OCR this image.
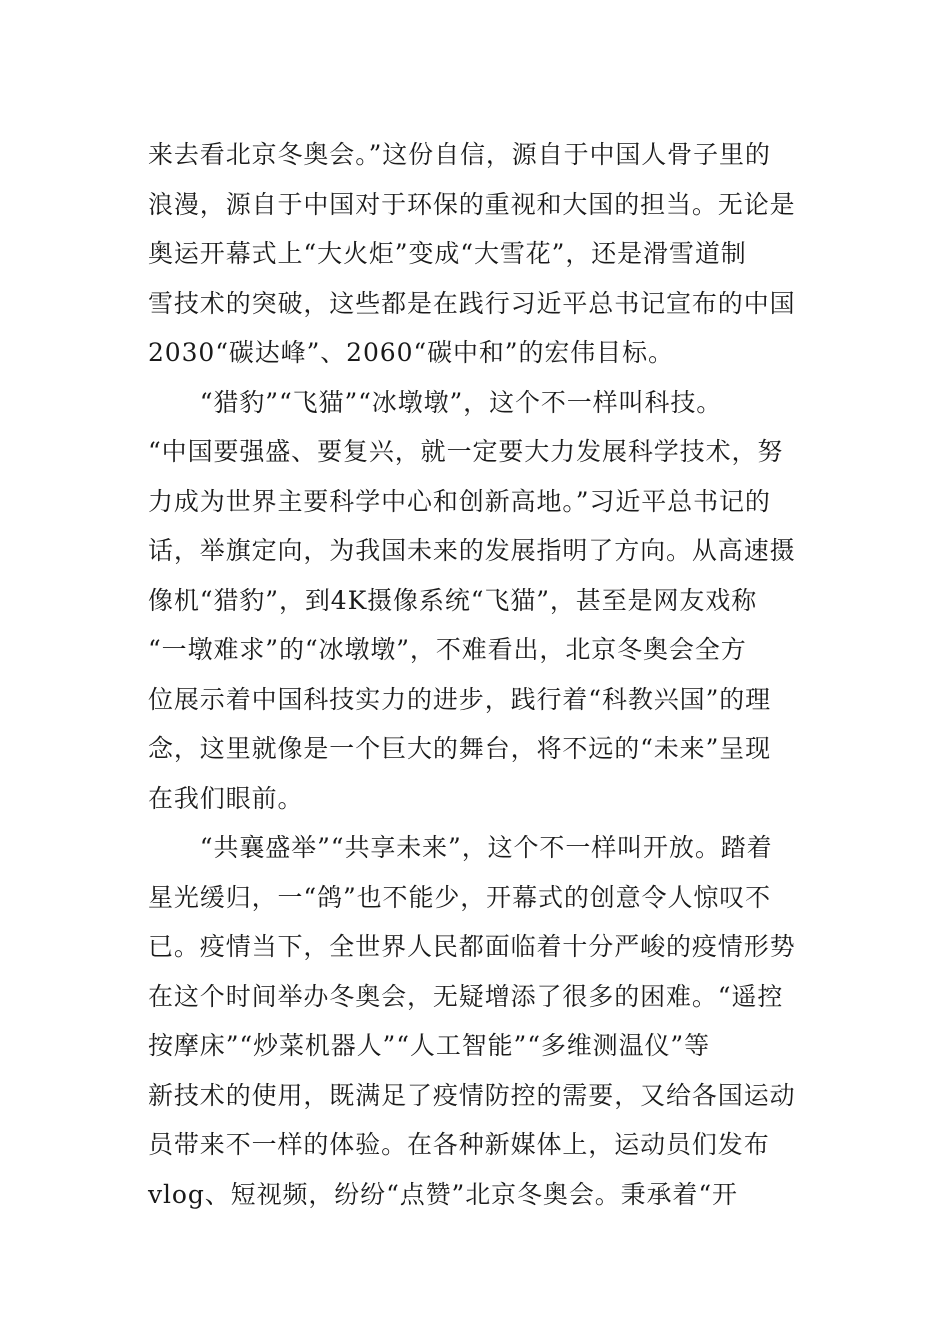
来去看北京冬奥会。”这份自信，源自于中国人骨子里的
浪漫，源自于中国对于环保的重视和大国的担当。无论是
奥运开幕式上“大火炬”变成“大雪花”，还是滑雪道制
雪技术的突破，这些都是在践行习近平总书记宣布的中国
2030“碳达峰”、2060“碳中和”的宏伟目标。
　　“猎豹”“飞猫”“冰墩墩”，这个不一样叫科技。
“中国要强盛、要复兴，就一定要大力发展科学技术，努
力成为世界主要科学中心和创新高地。”习近平总书记的
话，举旗定向，为我国未来的发展指明了方向。从高速摄
像机“猎豹”，到4K摄像系统“飞猫”，甚至是网友戏称
“一墩难求”的“冰墩墩”，不难看出，北京冬奥会全方
位展示着中国科技实力的进步，践行着“科教兴国”的理
念，这里就像是一个巨大的舞台，将不远的“未来”呈现
在我们眼前。
　　“共襄盛举”“共享未来”，这个不一样叫开放。踏着
星光缓归，一“鸽”也不能少，开幕式的创意令人惊叹不
已。疫情当下，全世界人民都面临着十分严峻的疫情形势
在这个时间举办冬奥会，无疑增添了很多的困难。“遥控
按摩床”“炒菜机器人”“人工智能”“多维测温仪”等
新技术的使用，既满足了疫情防控的需要，又给各国运动
员带来不一样的体验。在各种新媒体上，运动员们发布
vlog、短视频，纷纷“点赞”北京冬奥会。秉承着“开
